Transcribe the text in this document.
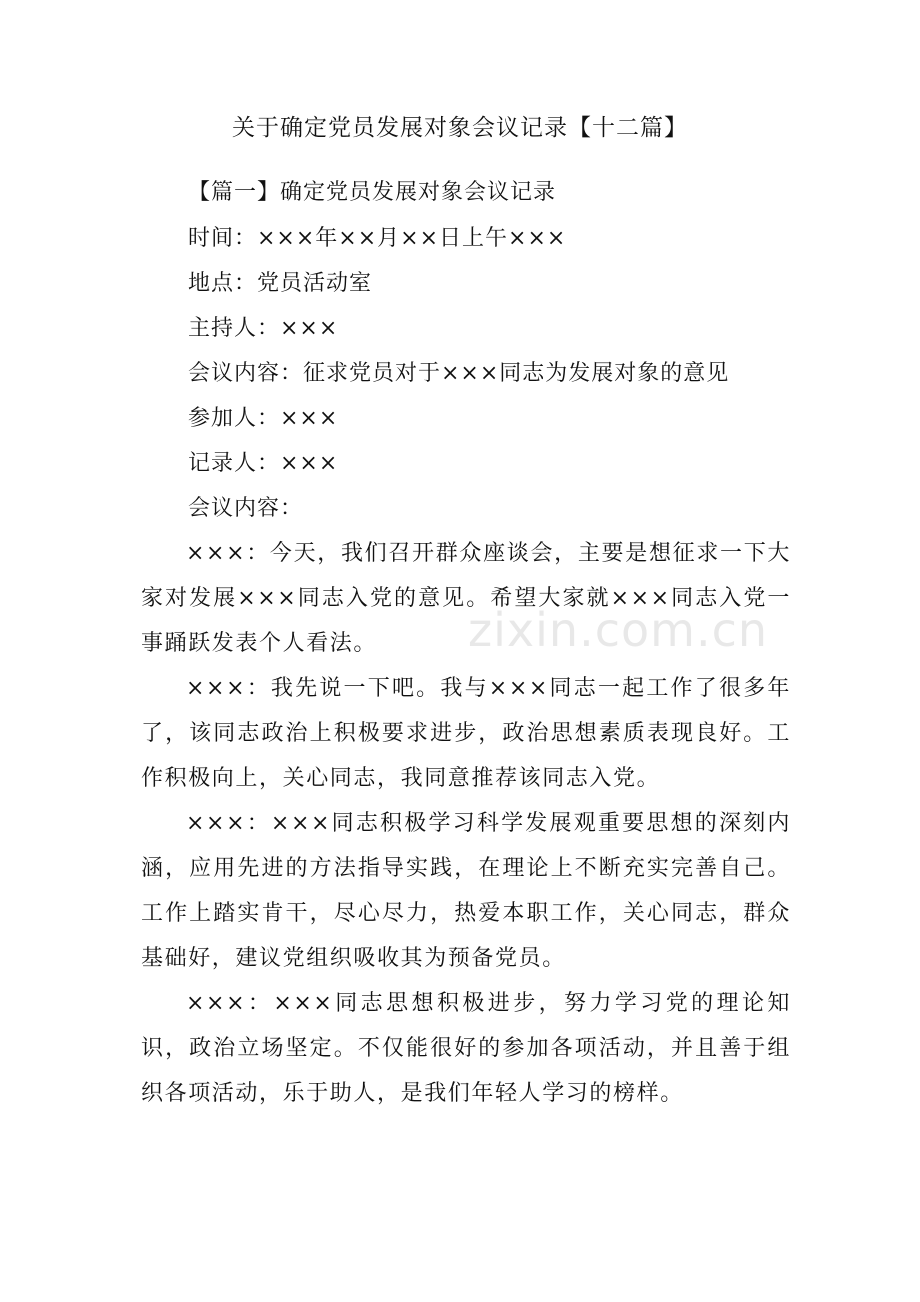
关于确定党员发展对象会议记录【十二篇】
【篇一】确定党员发展对象会议记录
时间：×××年××月××日上午×××
地点：党员活动室
主持人：×××
会议内容：征求党员对于×××同志为发展对象的意见
参加人：×××
记录人：×××
会议内容：
×××：今天，我们召开群众座谈会，主要是想征求一下大家对发展×××同志入党的意见。希望大家就×××同志入党一事踊跃发表个人看法。
×××：我先说一下吧。我与×××同志一起工作了很多年了，该同志政治上积极要求进步，政治思想素质表现良好。工作积极向上，关心同志，我同意推荐该同志入党。
×××：×××同志积极学习科学发展观重要思想的深刻内涵，应用先进的方法指导实践，在理论上不断充实完善自己。工作上踏实肯干，尽心尽力，热爱本职工作，关心同志，群众基础好，建议党组织吸收其为预备党员。
×××：×××同志思想积极进步，努力学习党的理论知识，政治立场坚定。不仅能很好的参加各项活动，并且善于组织各项活动，乐于助人，是我们年轻人学习的榜样。
zixin.com.cn
